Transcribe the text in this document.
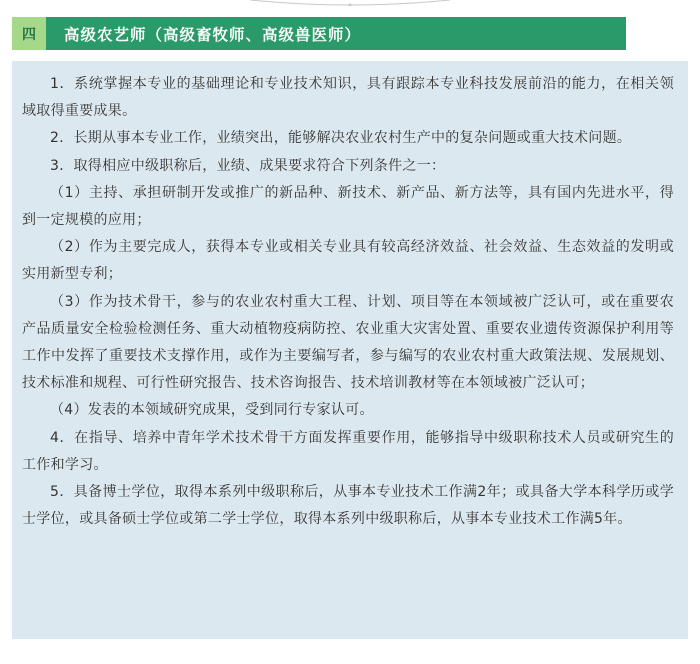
四	高级农艺师（高级畜牧师、高级兽医师）

1．系统掌握本专业的基础理论和专业技术知识，具有跟踪本专业科技发展前沿的能力，在相关领域取得重要成果。

2．长期从事本专业工作，业绩突出，能够解决农业农村生产中的复杂问题或重大技术问题。

3．取得相应中级职称后，业绩、成果要求符合下列条件之一：

（1）主持、承担研制开发或推广的新品种、新技术、新产品、新方法等，具有国内先进水平，得到一定规模的应用；

（2）作为主要完成人，获得本专业或相关专业具有较高经济效益、社会效益、生态效益的发明或实用新型专利；

（3）作为技术骨干，参与的农业农村重大工程、计划、项目等在本领域被广泛认可，或在重要农产品质量安全检验检测任务、重大动植物疫病防控、农业重大灾害处置、重要农业遗传资源保护利用等工作中发挥了重要技术支撑作用，或作为主要编写者，参与编写的农业农村重大政策法规、发展规划、技术标准和规程、可行性研究报告、技术咨询报告、技术培训教材等在本领域被广泛认可；

（4）发表的本领域研究成果，受到同行专家认可。

4．在指导、培养中青年学术技术骨干方面发挥重要作用，能够指导中级职称技术人员或研究生的工作和学习。

5．具备博士学位，取得本系列中级职称后，从事本专业技术工作满2年；或具备大学本科学历或学士学位，或具备硕士学位或第二学士学位，取得本系列中级职称后，从事本专业技术工作满5年。
